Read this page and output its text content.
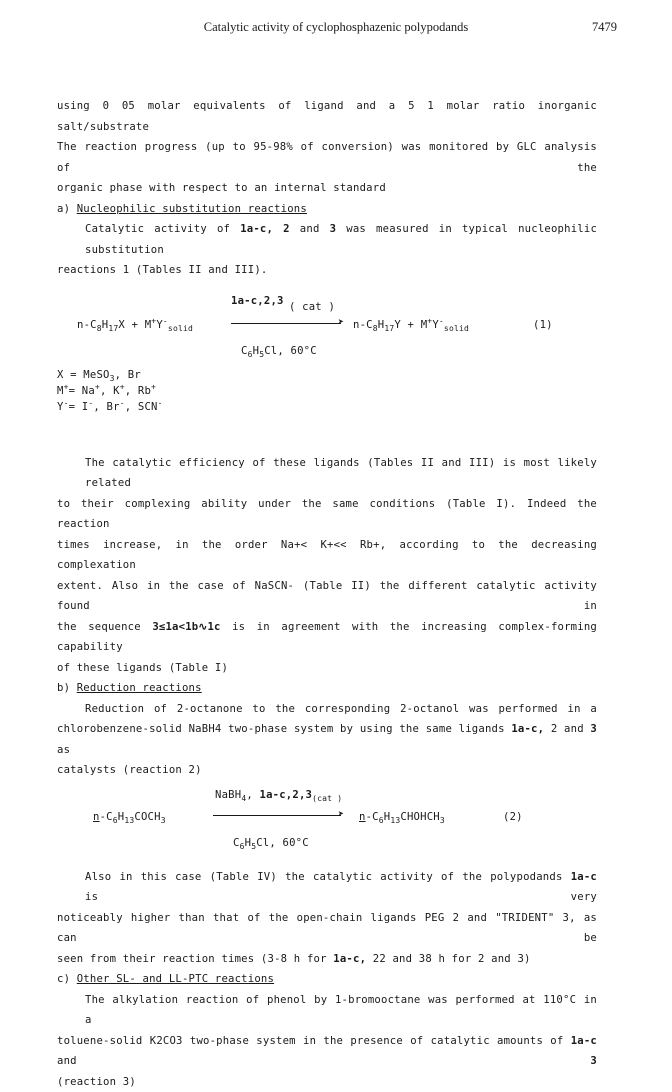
Catalytic activity of cyclophosphazenic polypodands	7479
using 0 05 molar equivalents of ligand and a 5 1 molar ratio inorganic salt/substrate
The reaction progress (up to 95-98% of conversion) was monitored by GLC analysis of the
organic phase with respect to an internal standard
a) Nucleophilic substitution reactions
Catalytic activity of 1a-c, 2 and 3 was measured in typical nucleophilic substitution
reactions 1 (Tables II and III).
1a-c,2,3 ( cat )
$n-C_8H_{17}X + M^+Y^-_{solid}$
➤ $n-C_8H_{17}Y + M^+Y^-_{solid}$	(1)
$C_6H_5Cl$, 60°C
X = MeSO$_3$, Br
M+= Na+, K+, Rb+
Y-= I-, Br-, SCN-
The catalytic efficiency of these ligands (Tables II and III) is most likely related
to their complexing ability under the same conditions (Table I). Indeed the reaction
times increase, in the order Na+< K+<< Rb+, according to the decreasing complexation
extent. Also in the case of NaSCN- (Table II) the different catalytic activity found in
the sequence 3≤1a<1b∿1c is in agreement with the increasing complex-forming capability
of these ligands (Table I)
b) Reduction reactions
Reduction of 2-octanone to the corresponding 2-octanol was performed in a
chlorobenzene-solid NaBH4 two-phase system by using the same ligands 1a-c, 2 and 3 as
catalysts (reaction 2)
NaBH$_4$, $1a-c,2,3_{(cat )}$
$n-C_6H_{13}COCH_3$
➤ $n-C_6H_{13}CHOHCH_3$	(2)
$C_6H_5Cl$, 60°C
Also in this case (Table IV) the catalytic activity of the polypodands 1a-c is very
noticeably higher than that of the open-chain ligands PEG 2 and "TRIDENT" 3, as can be
seen from their reaction times (3-8 h for 1a-c, 22 and 38 h for 2 and 3)
c) Other SL- and LL-PTC reactions
The alkylation reaction of phenol by 1-bromooctane was performed at 110°C in a
toluene-solid K2CO3 two-phase system in the presence of catalytic amounts of 1a-c and 3
(reaction 3)
